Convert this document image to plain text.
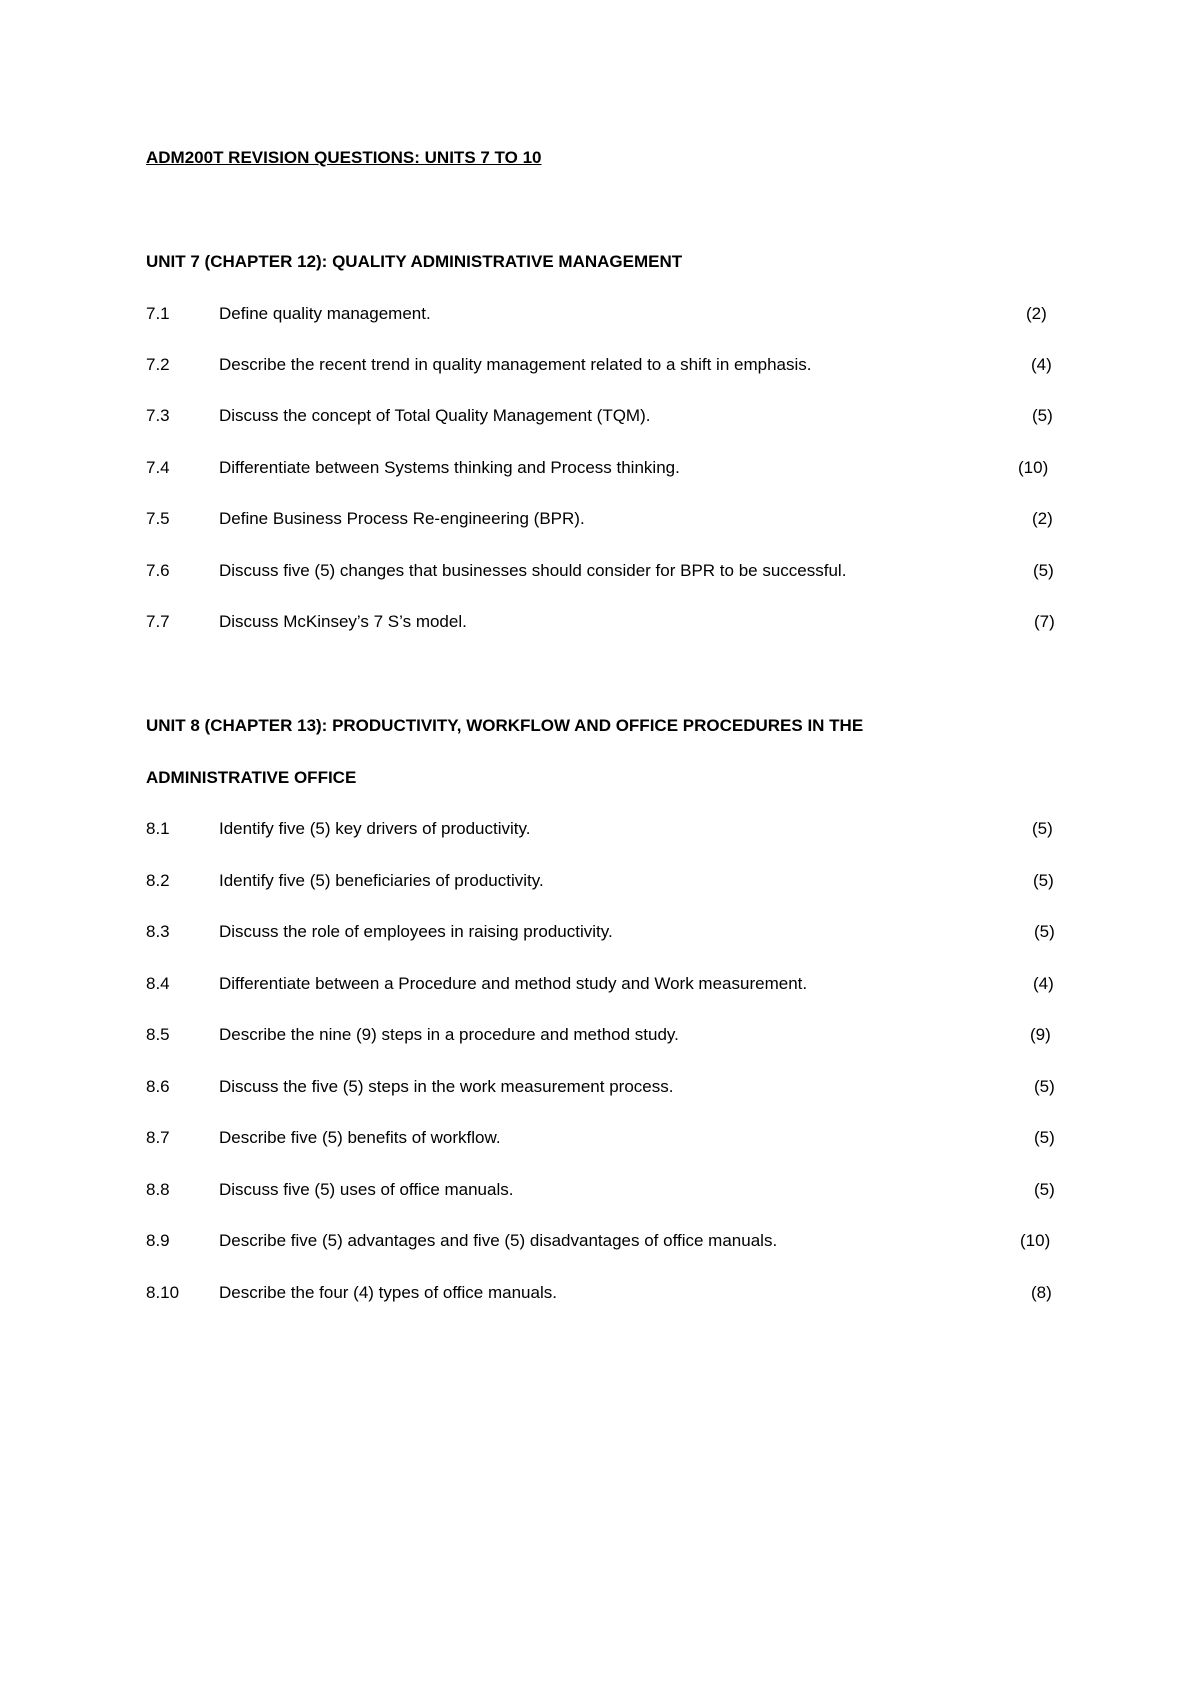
ADM200T REVISION QUESTIONS: UNITS 7 TO 10
UNIT 7 (CHAPTER 12): QUALITY ADMINISTRATIVE MANAGEMENT
7.1	Define quality management.	(2)
7.2	Describe the recent trend in quality management related to a shift in emphasis.	(4)
7.3	Discuss the concept of Total Quality Management (TQM).	(5)
7.4	Differentiate between Systems thinking and Process thinking.	(10)
7.5	Define Business Process Re-engineering (BPR).	(2)
7.6	Discuss five (5) changes that businesses should consider for BPR to be successful.	(5)
7.7	Discuss McKinsey’s 7 S’s model.	(7)
UNIT 8 (CHAPTER 13): PRODUCTIVITY, WORKFLOW AND OFFICE PROCEDURES IN THE
ADMINISTRATIVE OFFICE
8.1	Identify five (5) key drivers of productivity.	(5)
8.2	Identify five (5) beneficiaries of productivity.	(5)
8.3	Discuss the role of employees in raising productivity.	(5)
8.4	Differentiate between a Procedure and method study and Work measurement.	(4)
8.5	Describe the nine (9) steps in a procedure and method study.	(9)
8.6	Discuss the five (5) steps in the work measurement process.	(5)
8.7	Describe five (5) benefits of workflow.	(5)
8.8	Discuss five (5) uses of office manuals.	(5)
8.9	Describe five (5) advantages and five (5) disadvantages of office manuals.	(10)
8.10 Describe the four (4) types of office manuals.	(8)
